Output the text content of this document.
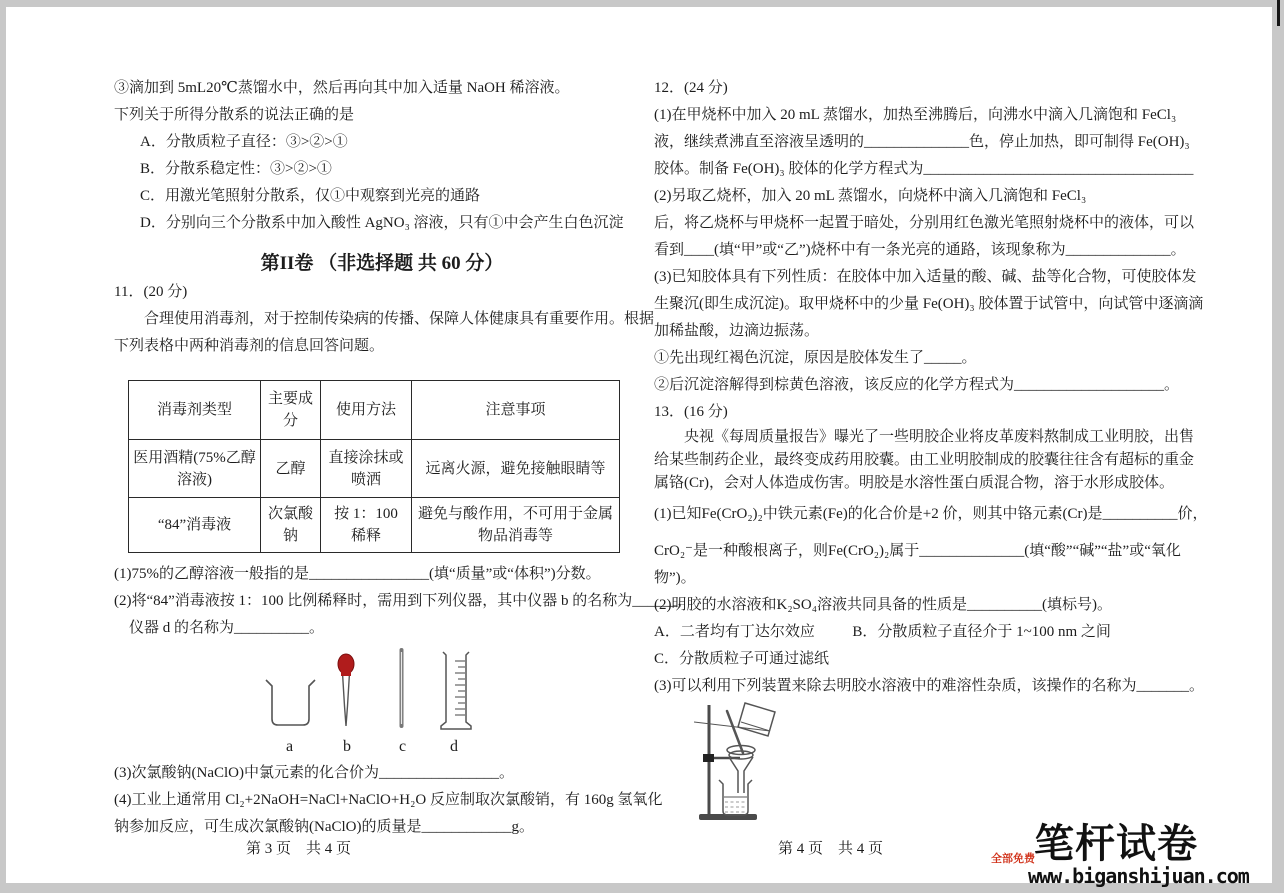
③滴加到 5mL20℃蒸馏水中，然后再向其中加入适量 NaOH 稀溶液。
下列关于所得分散系的说法正确的是
A．分散质粒子直径：③>②>①
B．分散系稳定性：③>②>①
C．用激光笔照射分散系，仅①中观察到光亮的通路
D．分别向三个分散系中加入酸性 AgNO₃ 溶液，只有①中会产生白色沉淀
第II卷 （非选择题 共 60 分）
11．(20 分)
合理使用消毒剂，对于控制传染病的传播、保障人体健康具有重要作用。根据
下列表格中两种消毒剂的信息回答问题。
消毒剂类型	主要成分	使用方法	注意事项
医用酒精(75%乙醇溶液)	乙醇	直接涂抹或喷洒	远离火源，避免接触眼睛等
“84”消毒液	次氯酸钠	按 1：100 稀释	避免与酸作用，不可用于金属物品消毒等
(1)75%的乙醇溶液一般指的是________________(填“质量”或“体积”)分数。
(2)将“84”消毒液按 1：100 比例稀释时，需用到下列仪器，其中仪器 b 的名称为______，
仪器 d 的名称为__________。
a	b	c	d
(3)次氯酸钠(NaClO)中氯元素的化合价为________________。
(4)工业上通常用 Cl₂+2NaOH=NaCl+NaClO+H₂O 反应制取次氯酸销，有 160g 氢氧化
钠参加反应，可生成次氯酸钠(NaClO)的质量是____________g。
12．(24 分)
(1)在甲烧杯中加入 20 mL 蒸馏水，加热至沸腾后，向沸水中滴入几滴饱和 FeCl₃
液，继续煮沸直至溶液呈透明的______________色，停止加热，即可制得 Fe(OH)₃
胶体。制备 Fe(OH)₃ 胶体的化学方程式为____________________________________
(2)另取乙烧杯，加入 20 mL 蒸馏水，向烧杯中滴入几滴饱和 FeCl₃
后，将乙烧杯与甲烧杯一起置于暗处，分别用红色激光笔照射烧杯中的液体，可以
看到____(填“甲”或“乙”)烧杯中有一条光亮的通路，该现象称为______________。
(3)已知胶体具有下列性质：在胶体中加入适量的酸、碱、盐等化合物，可使胶体发
生聚沉(即生成沉淀)。取甲烧杯中的少量 Fe(OH)₃ 胶体置于试管中，向试管中逐滴滴
加稀盐酸，边滴边振荡。
①先出现红褐色沉淀，原因是胶体发生了_____。
②后沉淀溶解得到棕黄色溶液，该反应的化学方程式为____________________。
13．(16 分)
央视《每周质量报告》曝光了一些明胶企业将皮革废料熬制成工业明胶，出售
给某些制药企业，最终变成药用胶囊。由工业明胶制成的胶囊往往含有超标的重金
属铬(Cr)，会对人体造成伤害。明胶是水溶性蛋白质混合物，溶于水形成胶体。
(1)已知Fe(CrO₂)₂中铁元素(Fe)的化合价是+2 价，则其中铬元素(Cr)是__________价，
CrO₂⁻是一种酸根离子，则Fe(CrO₂)₂属于______________(填“酸”“碱”“盐”或“氧化
物”)。
(2)明胶的水溶液和K₂SO₄溶液共同具备的性质是__________(填标号)。
A．二者均有丁达尔效应          B．分散质粒子直径介于 1~100 nm 之间
C．分散质粒子可通过滤纸
(3)可以利用下列装置来除去明胶水溶液中的难溶性杂质，该操作的名称为_______。
第 3 页　共 4 页	第 4 页　共 4 页
全部免费 笔杆试卷
www.biganshijuan.com
